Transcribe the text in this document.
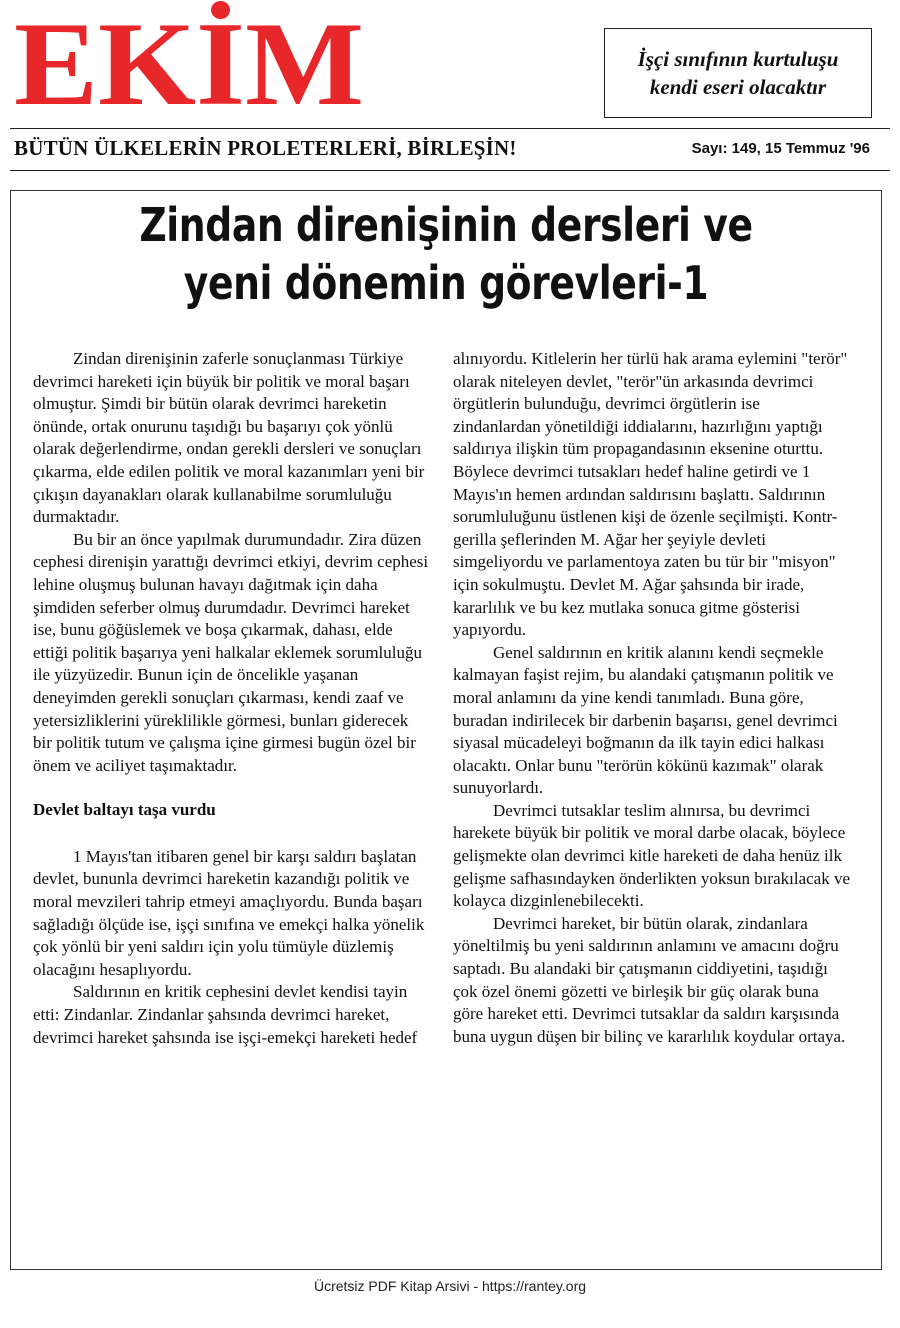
EKİM	İşçi sınıfının kurtuluşu
kendi eseri olacaktır
BÜTÜN ÜLKELERİN PROLETERLERİ, BİRLEŞİN!	Sayı: 149, 15 Temmuz '96
Zindan direnişinin dersleri ve
yeni dönemin görevleri-1

Zindan direnişinin zaferle sonuçlanması Türkiye devrimci hareketi için büyük bir politik ve moral başarı olmuştur. Şimdi bir bütün olarak devrimci hareketin önünde, ortak onurunu taşıdığı bu başarıyı çok yönlü olarak değerlendirme, ondan gerekli dersleri ve sonuçları çıkarma, elde edilen politik ve moral kazanımları yeni bir çıkışın dayanakları olarak kullanabilme sorumluluğu durmaktadır.

Bu bir an önce yapılmak durumundadır. Zira düzen cephesi direnişin yarattığı devrimci etkiyi, devrim cephesi lehine oluşmuş bulunan havayı dağıtmak için daha şimdiden seferber olmuş durumdadır. Devrimci hareket ise, bunu göğüslemek ve boşa çıkarmak, dahası, elde ettiği politik başarıya yeni halkalar eklemek sorumluluğu ile yüzyüzedir. Bunun için de öncelikle yaşanan deneyimden gerekli sonuçları çıkarması, kendi zaaf ve yetersizliklerini yüreklilikle görmesi, bunları giderecek bir politik tutum ve çalışma içine girmesi bugün özel bir önem ve aciliyet taşımaktadır.

Devlet baltayı taşa vurdu

1 Mayıs'tan itibaren genel bir karşı saldırı başlatan devlet, bununla devrimci hareketin kazandığı politik ve moral mevzileri tahrip etmeyi amaçlıyordu. Bunda başarı sağladığı ölçüde ise, işçi sınıfına ve emekçi halka yönelik çok yönlü bir yeni saldırı için yolu tümüyle düzlemiş olacağını hesaplıyordu.

Saldırının en kritik cephesini devlet kendisi tayin etti: Zindanlar. Zindanlar şahsında devrimci hareket, devrimci hareket şahsında ise işçi-emekçi hareketi hedef

alınıyordu. Kitlelerin her türlü hak arama eylemini "terör" olarak niteleyen devlet, "terör"ün arkasında devrimci örgütlerin bulunduğu, devrimci örgütlerin ise zindanlardan yönetildiği iddialarını, hazırlığını yaptığı saldırıya ilişkin tüm propagandasının eksenine oturttu. Böylece devrimci tutsakları hedef haline getirdi ve 1 Mayıs'ın hemen ardından saldırısını başlattı. Saldırının sorumluluğunu üstlenen kişi de özenle seçilmişti. Kontr-gerilla şeflerinden M. Ağar her şeyiyle devleti simgeliyordu ve parlamentoya zaten bu tür bir "misyon" için sokulmuştu. Devlet M. Ağar şahsında bir irade, kararlılık ve bu kez mutlaka sonuca gitme gösterisi yapıyordu.

Genel saldırının en kritik alanını kendi seçmekle kalmayan faşist rejim, bu alandaki çatışmanın politik ve moral anlamını da yine kendi tanımladı. Buna göre, buradan indirilecek bir darbenin başarısı, genel devrimci siyasal mücadeleyi boğmanın da ilk tayin edici halkası olacaktı. Onlar bunu "terörün kökünü kazımak" olarak sunuyorlardı.

Devrimci tutsaklar teslim alınırsa, bu devrimci harekete büyük bir politik ve moral darbe olacak, böylece gelişmekte olan devrimci kitle hareketi de daha henüz ilk gelişme safhasındayken önderlikten yoksun bırakılacak ve kolayca dizginlenebilecekti.

Devrimci hareket, bir bütün olarak, zindanlara yöneltilmiş bu yeni saldırının anlamını ve amacını doğru saptadı. Bu alandaki bir çatışmanın ciddiyetini, taşıdığı çok özel önemi gözetti ve birleşik bir güç olarak buna göre hareket etti. Devrimci tutsaklar da saldırı karşısında buna uygun düşen bir bilinç ve kararlılık koydular ortaya.

Ücretsiz PDF Kitap Arsivi - https://rantey.org
